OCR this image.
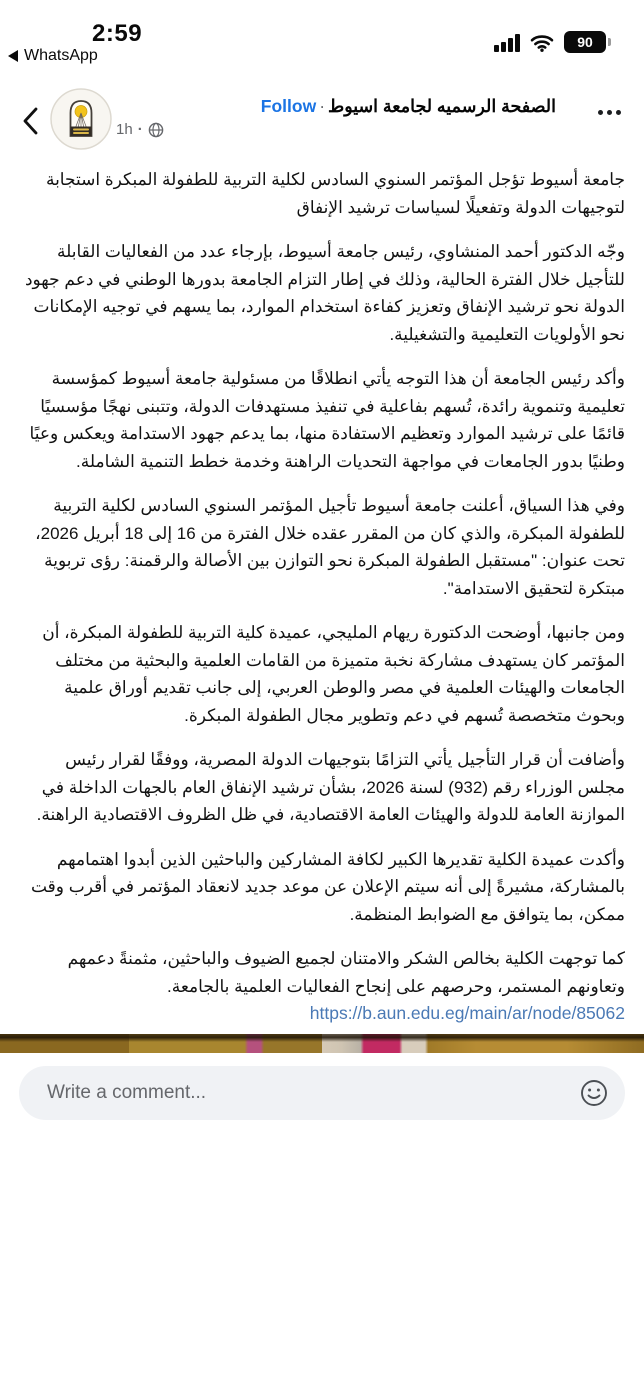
2:59
WhatsApp
90
الصفحة الرسميه لجامعة اسيوط·Follow
1h ·

جامعة أسيوط تؤجل المؤتمر السنوي السادس لكلية التربية للطفولة المبكرة استجابة لتوجيهات الدولة وتفعيلًا لسياسات ترشيد الإنفاق

وجّه الدكتور أحمد المنشاوي، رئيس جامعة أسيوط، بإرجاء عدد من الفعاليات القابلة للتأجيل خلال الفترة الحالية، وذلك في إطار التزام الجامعة بدورها الوطني في دعم جهود الدولة نحو ترشيد الإنفاق وتعزيز كفاءة استخدام الموارد، بما يسهم في توجيه الإمكانات نحو الأولويات التعليمية والتشغيلية.

وأكد رئيس الجامعة أن هذا التوجه يأتي انطلاقًا من مسئولية جامعة أسيوط كمؤسسة تعليمية وتنموية رائدة، تُسهم بفاعلية في تنفيذ مستهدفات الدولة، وتتبنى نهجًا مؤسسيًا قائمًا على ترشيد الموارد وتعظيم الاستفادة منها، بما يدعم جهود الاستدامة ويعكس وعيًا وطنيًا بدور الجامعات في مواجهة التحديات الراهنة وخدمة خطط التنمية الشاملة.

وفي هذا السياق، أعلنت جامعة أسيوط تأجيل المؤتمر السنوي السادس لكلية التربية للطفولة المبكرة، والذي كان من المقرر عقده خلال الفترة من 16 إلى 18 أبريل 2026، تحت عنوان: "مستقبل الطفولة المبكرة نحو التوازن بين الأصالة والرقمنة: رؤى تربوية مبتكرة لتحقيق الاستدامة".

ومن جانبها، أوضحت الدكتورة ريهام المليجي، عميدة كلية التربية للطفولة المبكرة، أن المؤتمر كان يستهدف مشاركة نخبة متميزة من القامات العلمية والبحثية من مختلف الجامعات والهيئات العلمية في مصر والوطن العربي، إلى جانب تقديم أوراق علمية وبحوث متخصصة تُسهم في دعم وتطوير مجال الطفولة المبكرة.

وأضافت أن قرار التأجيل يأتي التزامًا بتوجيهات الدولة المصرية، ووفقًا لقرار رئيس مجلس الوزراء رقم (932) لسنة 2026، بشأن ترشيد الإنفاق العام بالجهات الداخلة في الموازنة العامة للدولة والهيئات العامة الاقتصادية، في ظل الظروف الاقتصادية الراهنة.

وأكدت عميدة الكلية تقديرها الكبير لكافة المشاركين والباحثين الذين أبدوا اهتمامهم بالمشاركة، مشيرةً إلى أنه سيتم الإعلان عن موعد جديد لانعقاد المؤتمر في أقرب وقت ممكن، بما يتوافق مع الضوابط المنظمة.

كما توجهت الكلية بخالص الشكر والامتنان لجميع الضيوف والباحثين، مثمنةً دعمهم وتعاونهم المستمر، وحرصهم على إنجاح الفعاليات العلمية بالجامعة.

https://b.aun.edu.eg/main/ar/node/85062
Write a comment...
